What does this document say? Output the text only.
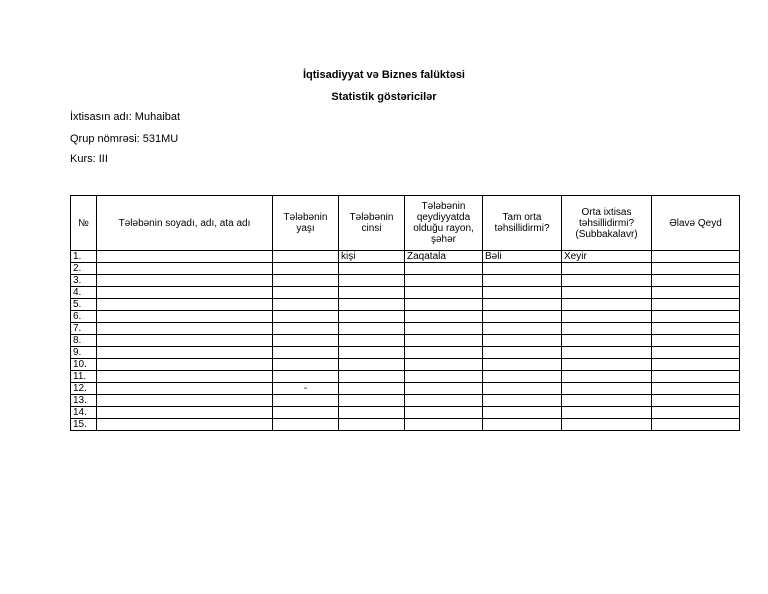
İqtisadiyyat və Biznes falüktəsi
Statistik göstəricilər
İxtisasın adı: Muhaibat
Qrup nömrəsi: 531MU
Kurs: III
№	Tələbənin soyadı, adı, ata adı	Tələbənin yaşı	Tələbənin cinsi	Tələbənin qeydiyyatda olduğu rayon, şəhər	Tam orta təhsillidirmi?	Orta ixtisas təhsillidirmi? (Subbakalavr)	Əlavə Qeyd
1.			kişi	Zaqatala	Bəli	Xeyir	
2.							
3.							
4.							
5.							
6.							
7.							
8.							
9.							
10.							
11.							
12.		-					
13.							
14.							
15.							
